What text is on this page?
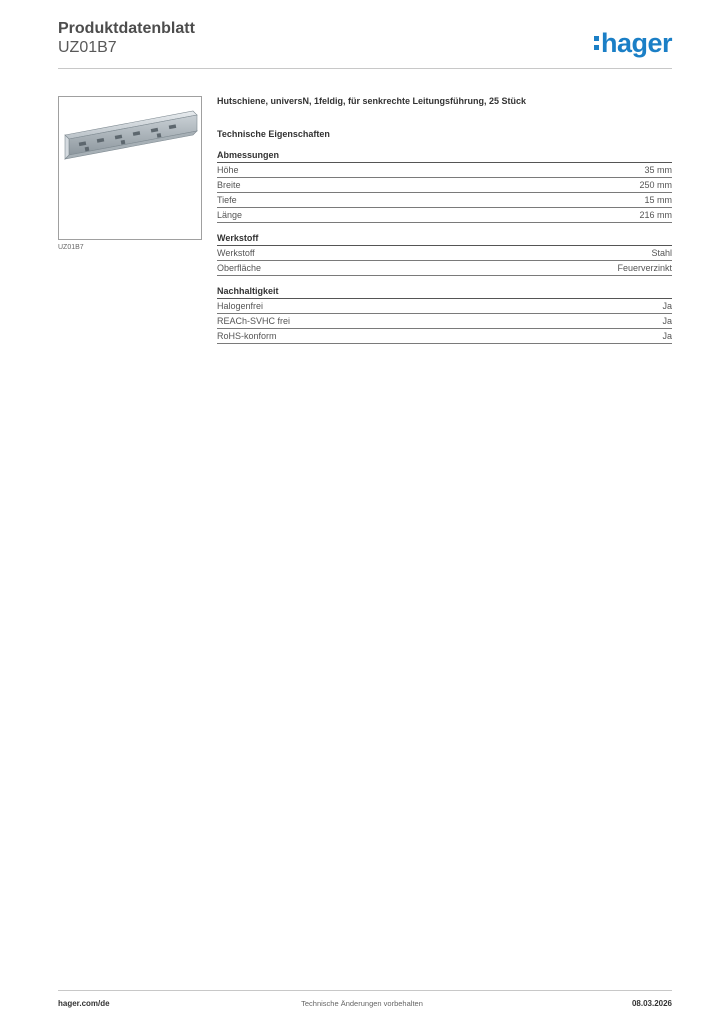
Produktdatenblatt
UZ01B7	hager
UZ01B7

Hutschiene, universN, 1feldig, für senkrechte Leitungsführung, 25 Stück

Technische Eigenschaften
Abmessungen
Höhe	35 mm
Breite	250 mm
Tiefe	15 mm
Länge	216 mm
Werkstoff
Werkstoff	Stahl
Oberfläche	Feuerverzinkt
Nachhaltigkeit
Halogenfrei	Ja
REACh-SVHC frei	Ja
RoHS-konform	Ja
hager.com/de	Technische Änderungen vorbehalten	08.03.2026
